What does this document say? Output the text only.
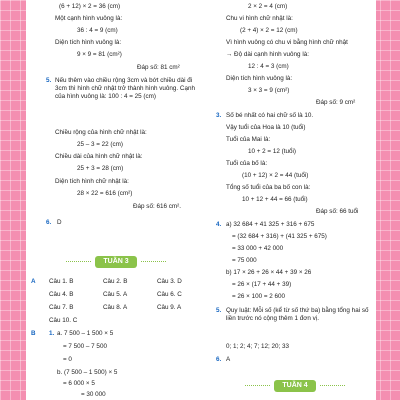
(6 + 12) × 2 = 36 (cm)
Một cạnh hình vuông là:
36 : 4 = 9 (cm)
Diện tích hình vuông là:
9 × 9 = 81 (cm²)
Đáp số: 81 cm²
5. Nếu thêm vào chiều rộng 3cm và bớt chiều dài đi 3cm thì hình chữ nhật trở thành hình vuông. Cạnh của hình vuông là: 100 : 4 = 25 (cm)
Chiều rộng của hình chữ nhật là:
25 – 3 = 22 (cm)
Chiều dài của hình chữ nhật là:
25 + 3 = 28 (cm)
Diện tích hình chữ nhật là:
28 × 22 = 616 (cm²)
Đáp số: 616 cm².
6. D
TUẦN 3
A Câu 1. B	Câu 2. B	Câu 3. D
Câu 4. B	Câu 5. A	Câu 6. C
Câu 7. B	Câu 8. A	Câu 9. A
Câu 10. C
B 1. a. 7 500 – 1 500 × 5
= 7 500 – 7 500
= 0
b. (7 500 – 1 500) × 5
= 6 000 × 5
= 30 000
2 × 2 = 4 (cm)
Chu vi hình chữ nhật là:
(2 + 4) × 2 = 12 (cm)
Vì hình vuông có chu vi bằng hình chữ nhật
→ Độ dài cạnh hình vuông là:
12 : 4 = 3 (cm)
Diện tích hình vuông là:
3 × 3 = 9 (cm²)
Đáp số: 9 cm²
3. Số bé nhất có hai chữ số là 10.
Vậy tuổi của Hoa là 10 (tuổi)
Tuổi của Mai là:
10 + 2 = 12 (tuổi)
Tuổi của bố là:
(10 + 12) × 2 = 44 (tuổi)
Tổng số tuổi của ba bố con là:
10 + 12 + 44 = 66 (tuổi)
Đáp số: 66 tuổi
4. a) 32 684 + 41 325 + 316 + 675
= (32 684 + 316) + (41 325 + 675)
= 33 000 + 42 000
= 75 000
b) 17 × 26 + 26 × 44 + 39 × 26
= 26 × (17 + 44 + 39)
= 26 × 100 = 2 600
5. Quy luật: Mỗi số (kể từ số thứ ba) bằng tổng hai số liền trước nó cộng thêm 1 đơn vị.
0; 1; 2; 4; 7; 12; 20; 33
6. A
TUẦN 4
